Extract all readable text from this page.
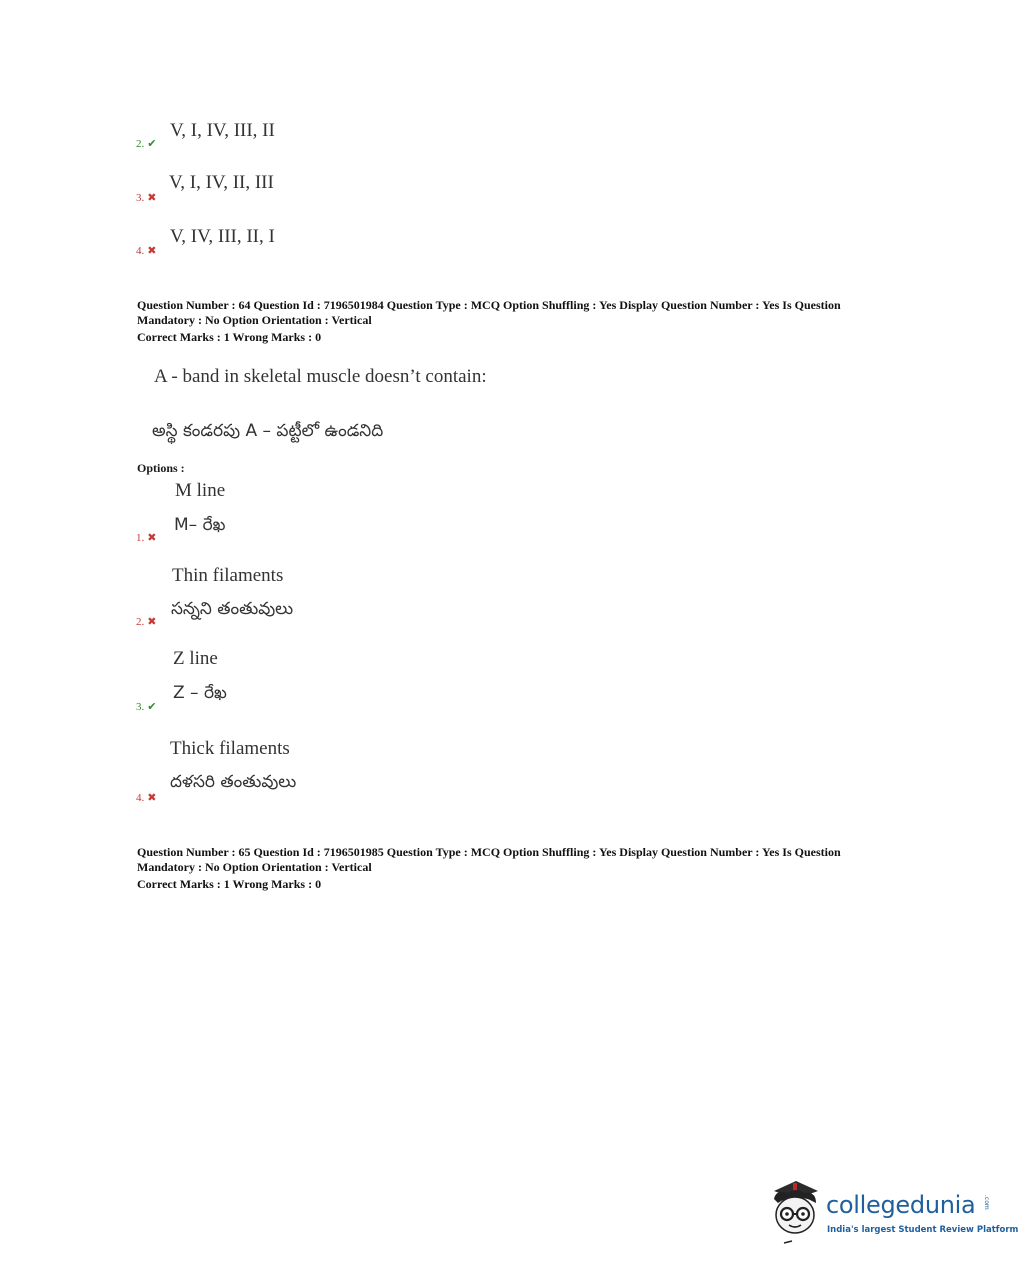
2. ✔
V, I, IV, III, II
3. ✖
V, I, IV, II, III
4. ✖
V, IV, III, II, I
Question Number : 64 Question Id : 7196501984 Question Type : MCQ Option Shuffling : Yes Display Question Number : Yes Is Question
Mandatory : No Option Orientation : Vertical
Correct Marks : 1 Wrong Marks : 0
A - band in skeletal muscle doesn’t contain:
అస్థి కండరపు A – పట్టీలో ఉండనిది
Options :
M line
M– రేఖ
1. ✖
Thin filaments
సన్నని తంతువులు
2. ✖
Z line
Z – రేఖ
3. ✔
Thick filaments
దళసరి తంతువులు
4. ✖
Question Number : 65 Question Id : 7196501985 Question Type : MCQ Option Shuffling : Yes Display Question Number : Yes Is Question
Mandatory : No Option Orientation : Vertical
Correct Marks : 1 Wrong Marks : 0
collegedunia .com
India's largest Student Review Platform
